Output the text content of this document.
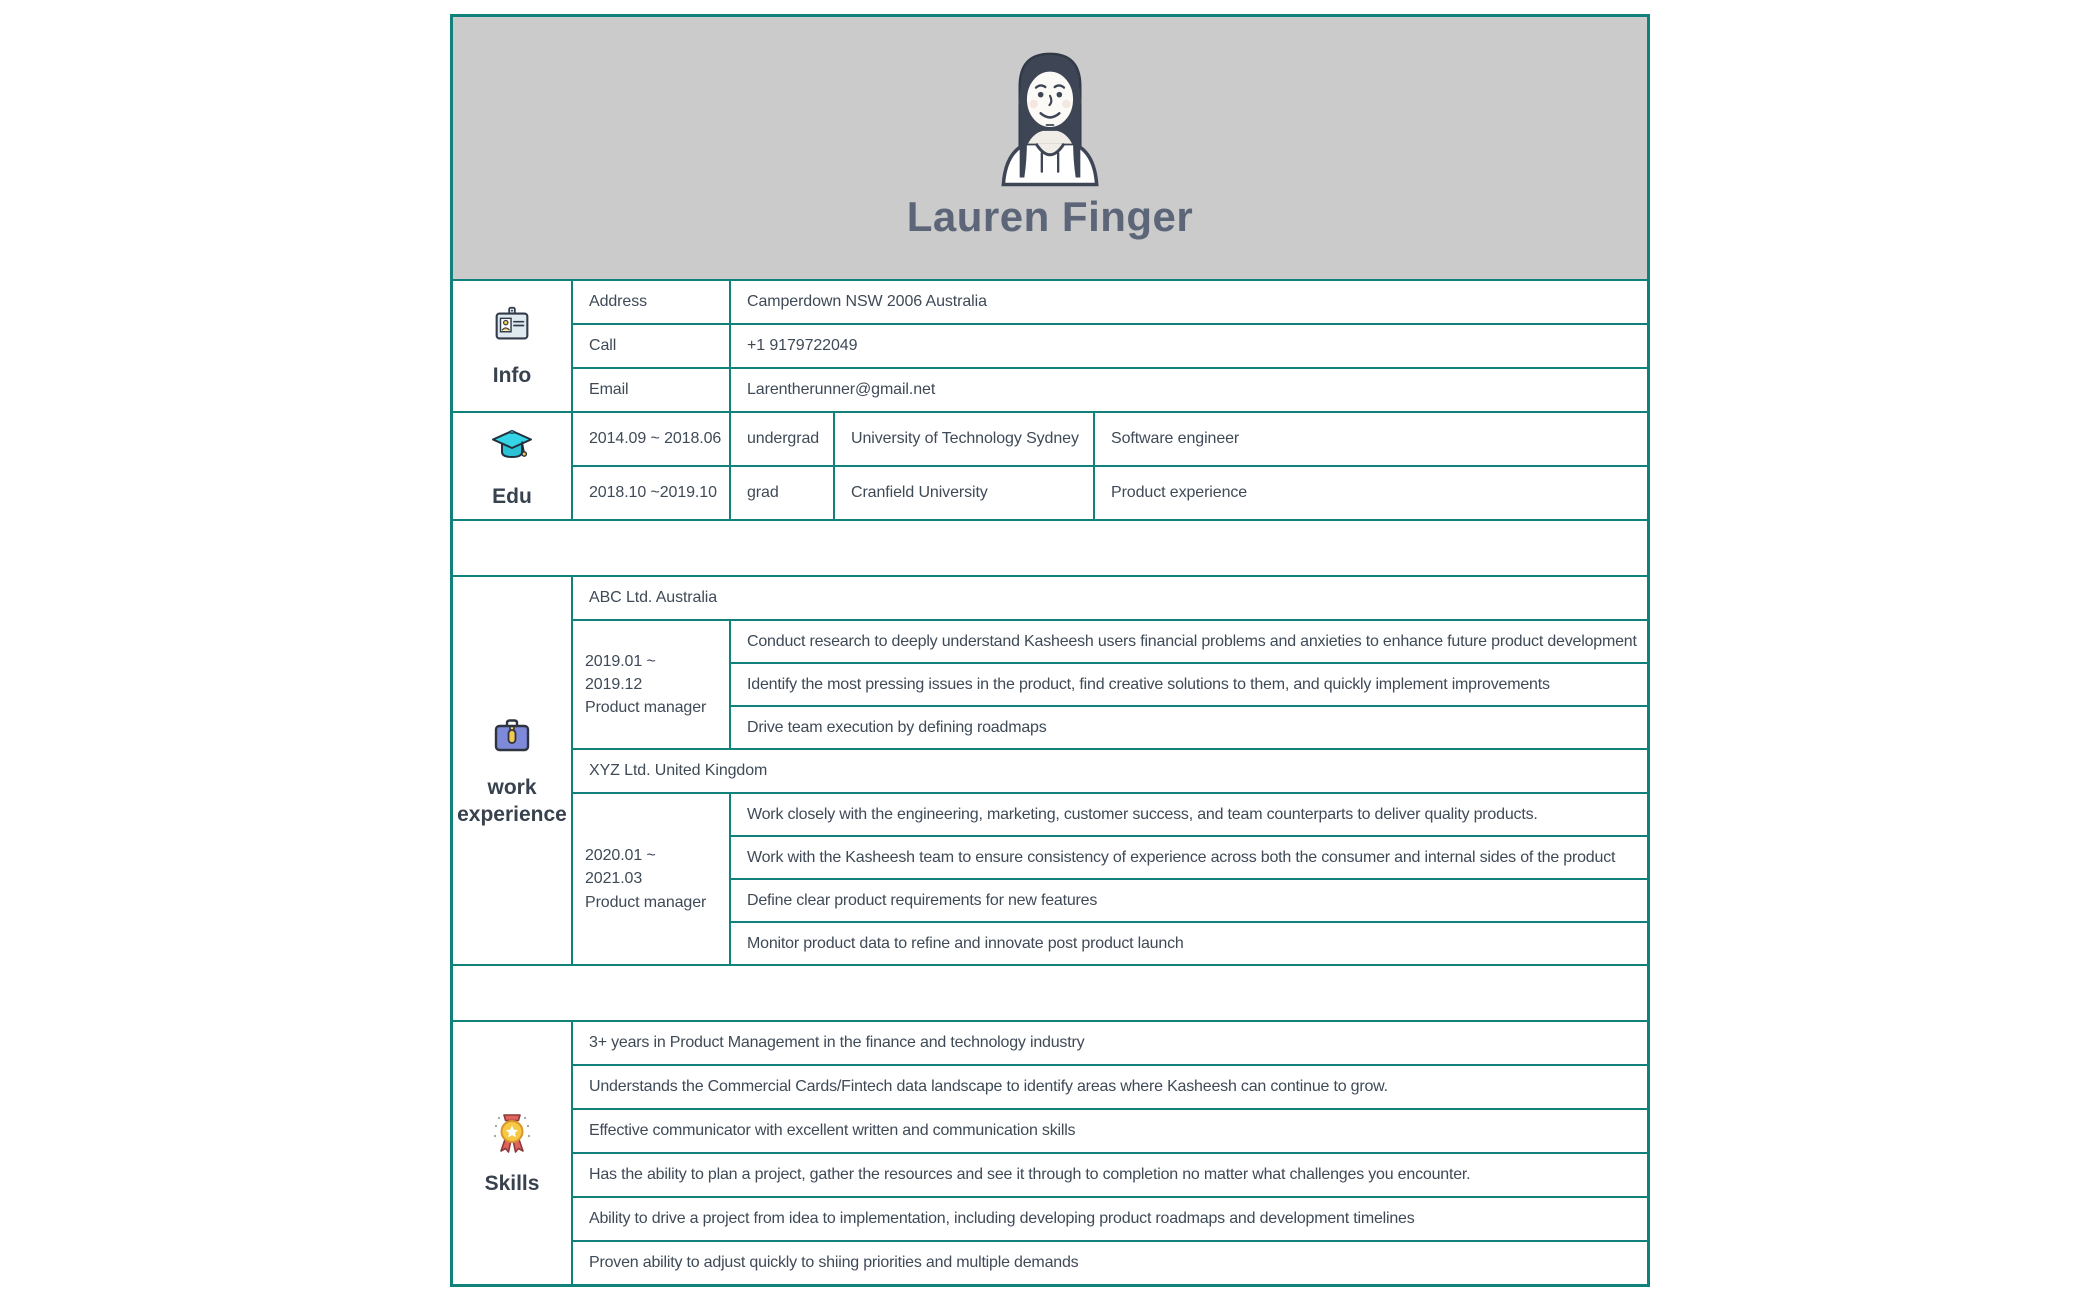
Lauren Finger
Info
Address	Camperdown NSW 2006 Australia
Call	+1 9179722049
Email	Larentherunner@gmail.net
Edu
2014.09 ~ 2018.06	undergrad	University of Technology Sydney	Software engineer
2018.10 ~2019.10	grad	Cranfield University	Product experience
work experience
ABC Ltd. Australia
2019.01 ~ 2019.12
Product manager
Conduct research to deeply understand Kasheesh users financial problems and anxieties to enhance future product development
Identify the most pressing issues in the product, find creative solutions to them, and quickly implement improvements
Drive team execution by defining roadmaps
XYZ Ltd. United Kingdom
2020.01 ~ 2021.03
Product manager
Work closely with the engineering, marketing, customer success, and team counterparts to deliver quality products.
Work with the Kasheesh team to ensure consistency of experience across both the consumer and internal sides of the product
Define clear product requirements for new features
Monitor product data to refine and innovate post product launch
Skills
3+ years in Product Management in the finance and technology industry
Understands the Commercial Cards/Fintech data landscape to identify areas where Kasheesh can continue to grow.
Effective communicator with excellent written and communication skills
Has the ability to plan a project, gather the resources and see it through to completion no matter what challenges you encounter.
Ability to drive a project from idea to implementation, including developing product roadmaps and development timelines
Proven ability to adjust quickly to shiing priorities and multiple demands
